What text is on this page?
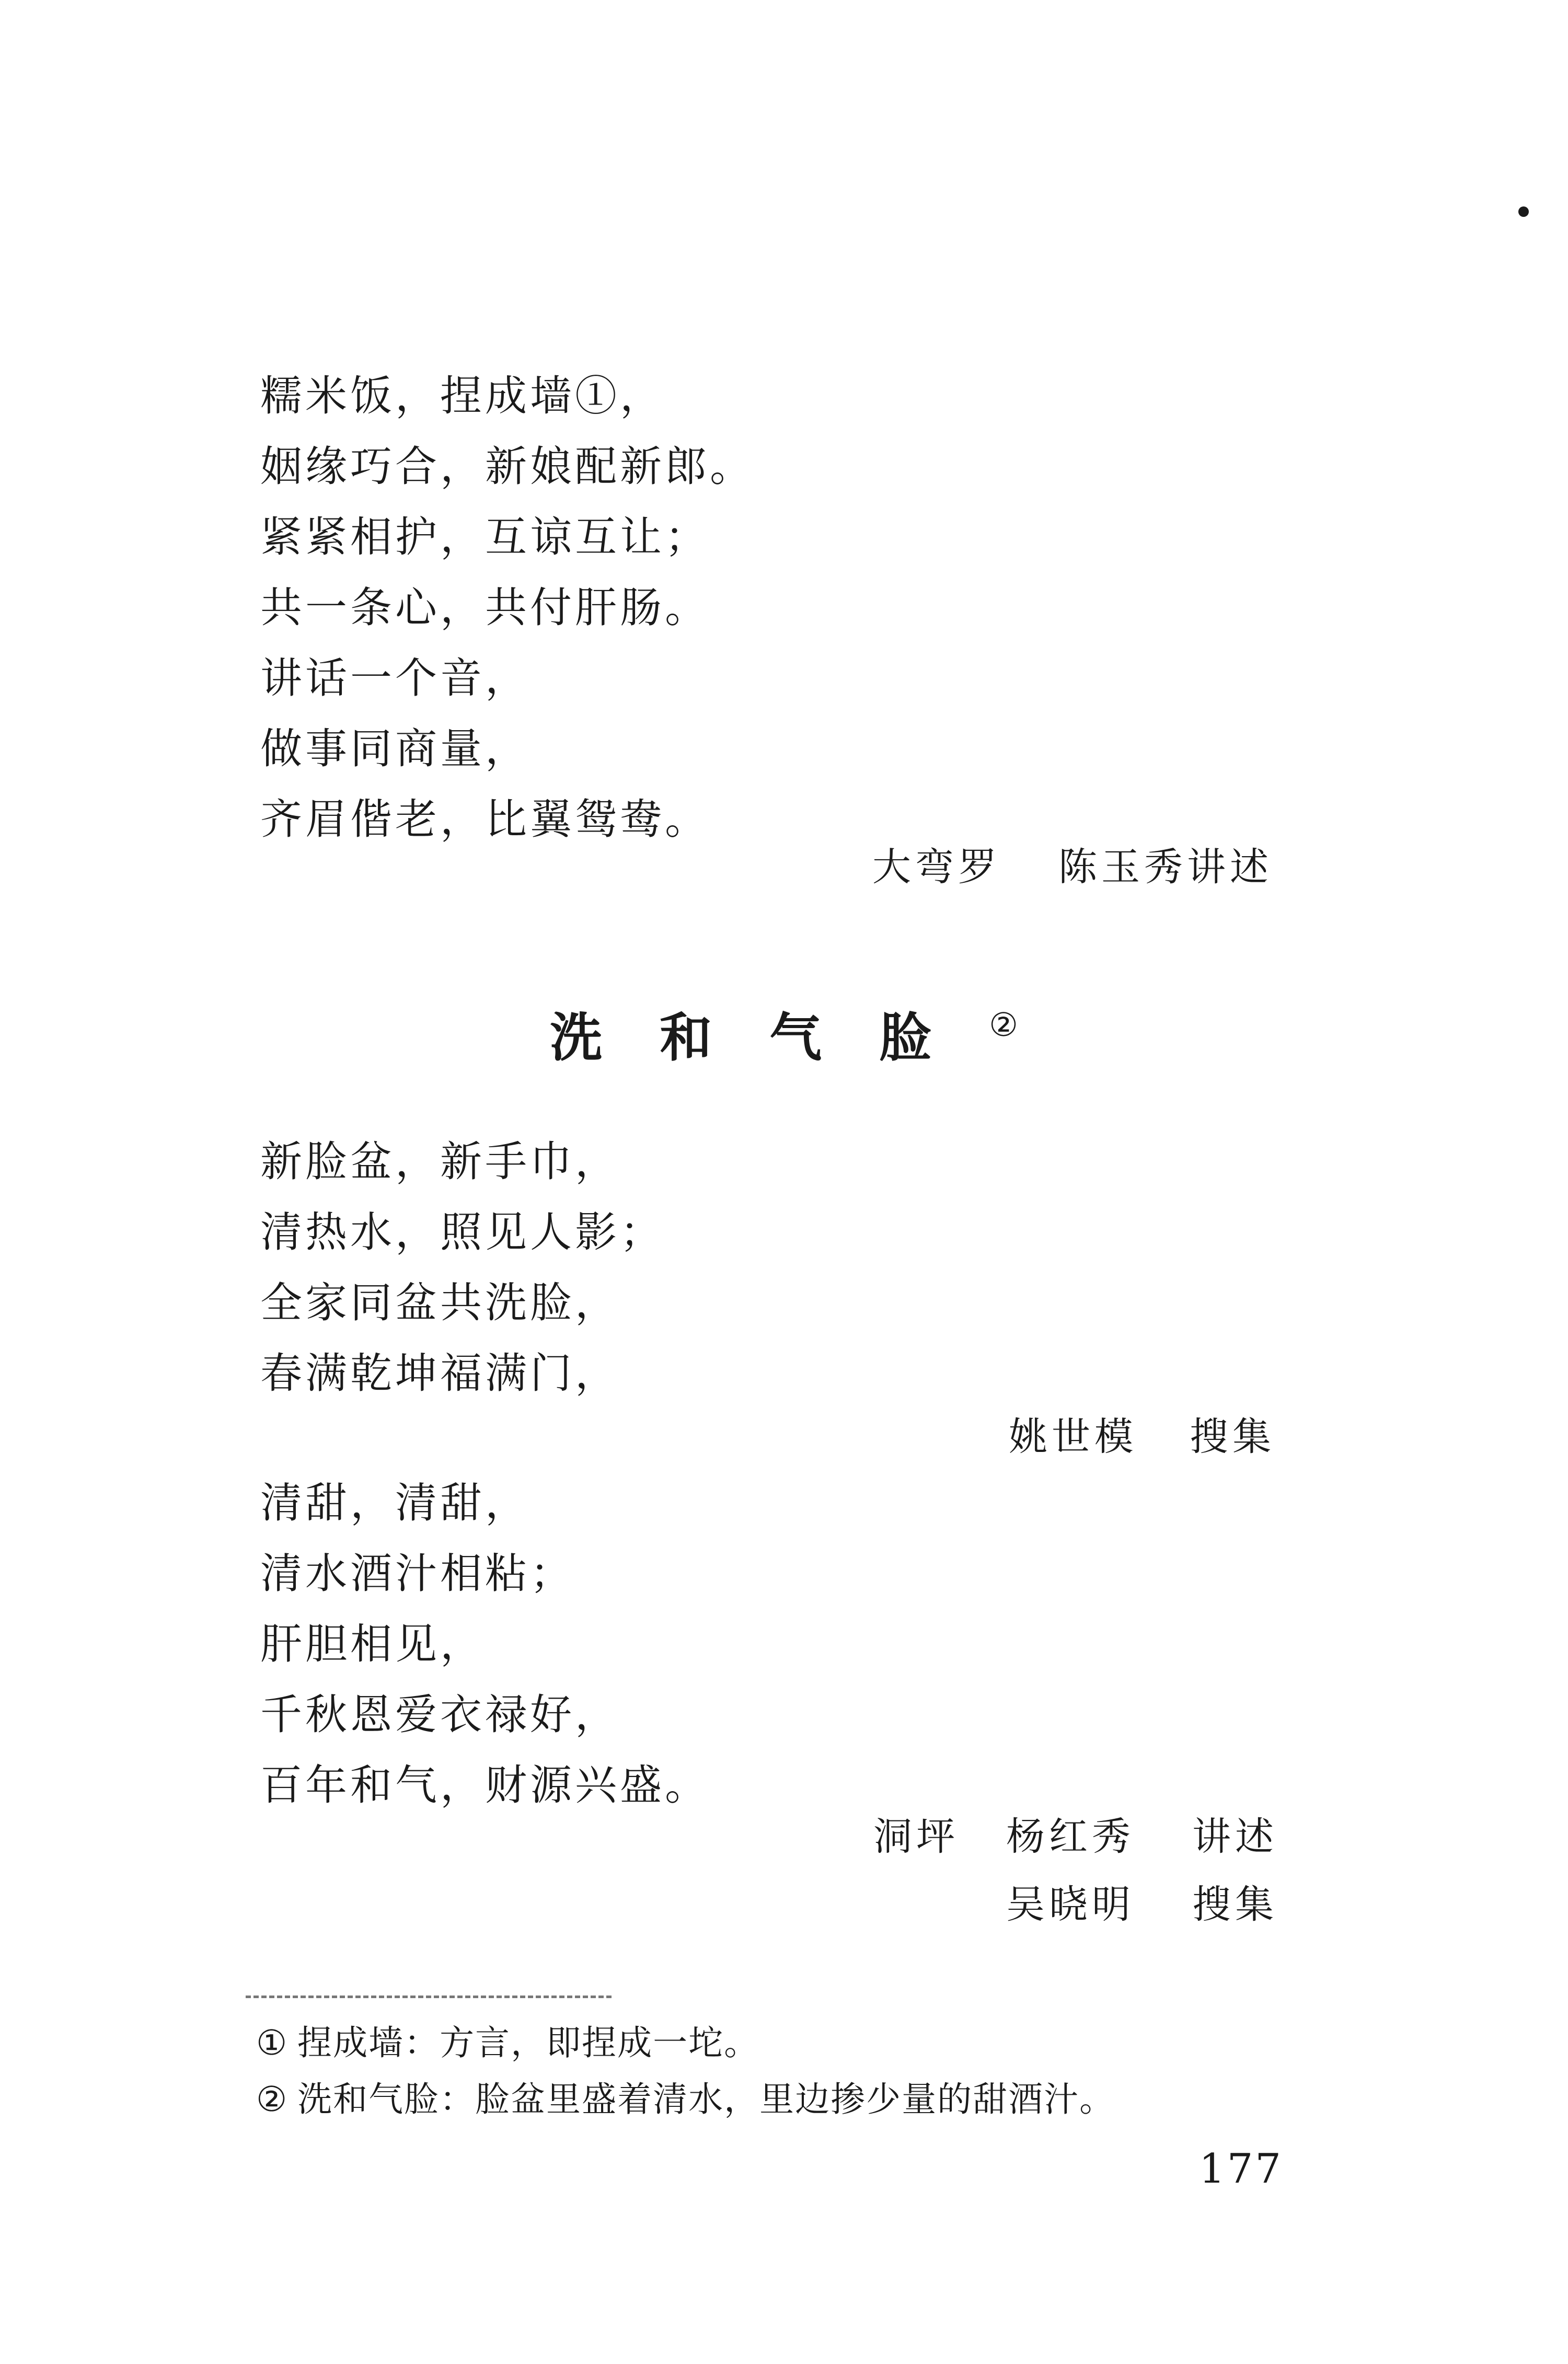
糯米饭，捏成墙①，
姻缘巧合，新娘配新郎。
紧紧相护，互谅互让；
共一条心，共付肝肠。
讲话一个音，
做事同商量，
齐眉偕老，比翼鸳鸯。
大弯罗 陈玉秀讲述
洗和气脸②
新脸盆，新手巾，
清热水，照见人影；
全家同盆共洗脸，
春满乾坤福满门，
姚世模 搜集
清甜，清甜，
清水酒汁相粘；
肝胆相见，
千秋恩爱衣禄好，
百年和气，财源兴盛。
洞坪 杨红秀 讲述
吴晓明 搜集
① 捏成墙：方言，即捏成一坨。
② 洗和气脸：脸盆里盛着清水，里边掺少量的甜酒汁。
177
